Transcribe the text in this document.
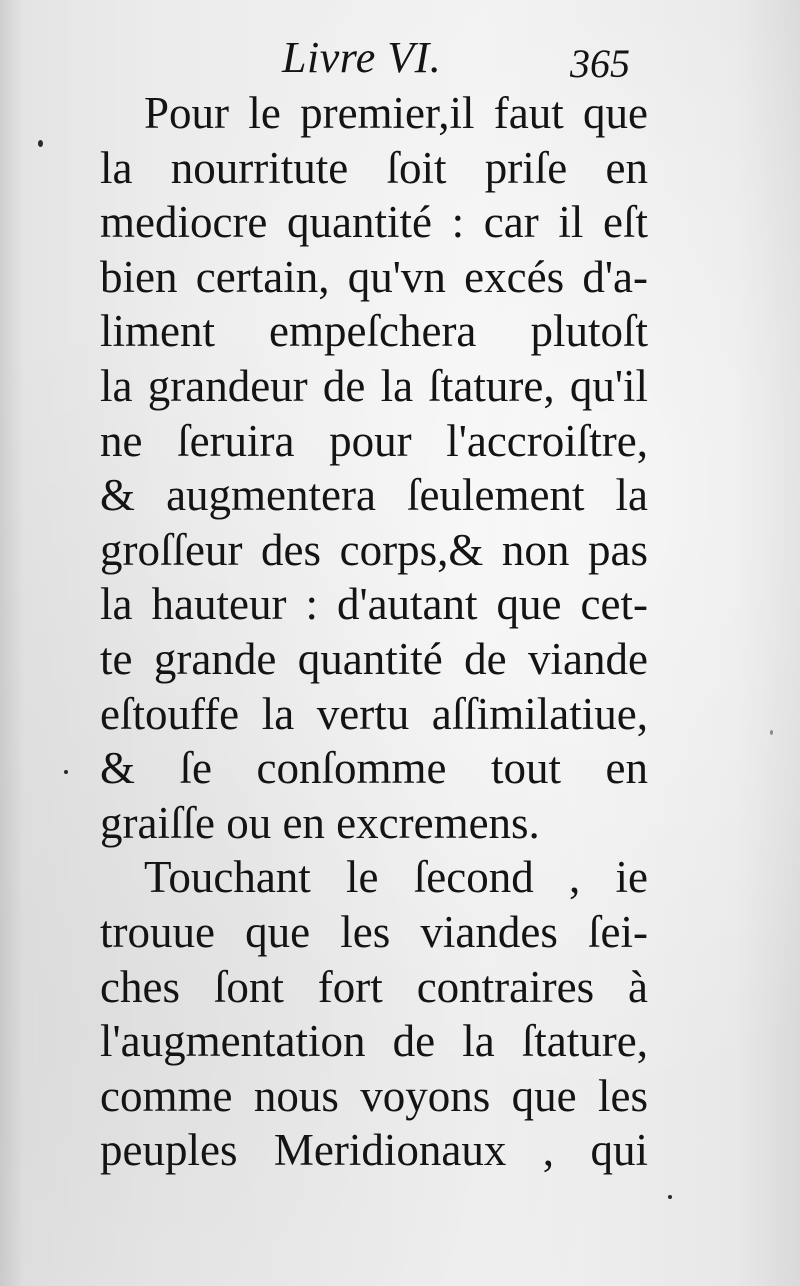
Livre VI.	365
Pour le premier,il faut que
la nourritute ſoit priſe en
mediocre quantité : car il eſt
bien certain, qu'vn excés d'a-
liment empeſchera plutoſt
la grandeur de la ſtature, qu'il
ne ſeruira pour l'accroiſtre,
& augmentera ſeulement la
groſſeur des corps,& non pas
la hauteur : d'autant que cet-
te grande quantité de viande
eſtouffe la vertu aſſimilatiue,
& ſe conſomme tout en
graiſſe ou en excremens.
Touchant le ſecond , ie
trouue que les viandes ſei-
ches ſont fort contraires à
l'augmentation de la ſtature,
comme nous voyons que les
peuples Meridionaux , qui
